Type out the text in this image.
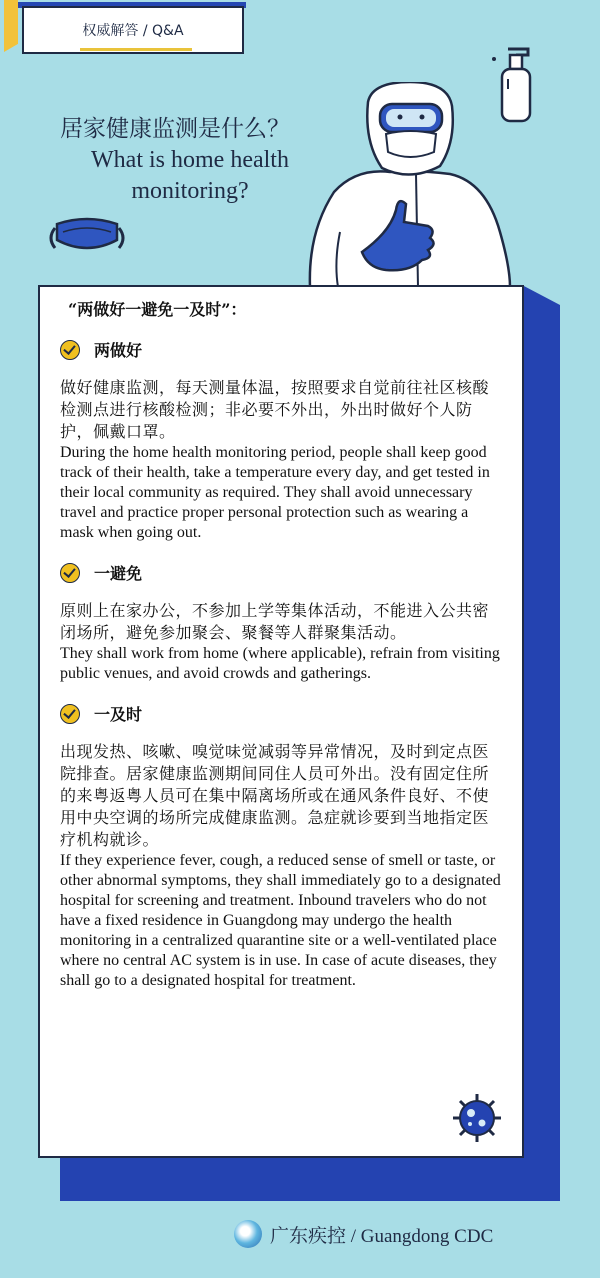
权威解答 / Q&A
居家健康监测是什么？
What is home health
monitoring?

“两做好一避免一及时”：

两做好

做好健康监测，每天测量体温，按照要求自觉前往社区核酸检测点进行核酸检测；非必要不外出，外出时做好个人防护，佩戴口罩。

During the home health monitoring period, people shall keep good track of their health, take a temperature every day, and get tested in their local community as required. They shall avoid unnecessary travel and practice proper personal protection such as wearing a mask when going out.

一避免

原则上在家办公，不参加上学等集体活动，不能进入公共密闭场所，避免参加聚会、聚餐等人群聚集活动。

They shall work from home (where applicable), refrain from visiting public venues, and avoid crowds and gatherings.

一及时

出现发热、咳嗽、嗅觉味觉减弱等异常情况，及时到定点医院排查。居家健康监测期间同住人员可外出。没有固定住所的来粤返粤人员可在集中隔离场所或在通风条件良好、不使用中央空调的场所完成健康监测。急症就诊要到当地指定医疗机构就诊。

If they experience fever, cough, a reduced sense of smell or taste, or other abnormal symptoms, they shall immediately go to a designated hospital for screening and treatment. Inbound travelers who do not have a fixed residence in Guangdong may undergo the health monitoring in a centralized quarantine site or a well-ventilated place where no central AC system is in use. In case of acute diseases, they shall go to a designated hospital for treatment.

广东疾控 / Guangdong CDC
